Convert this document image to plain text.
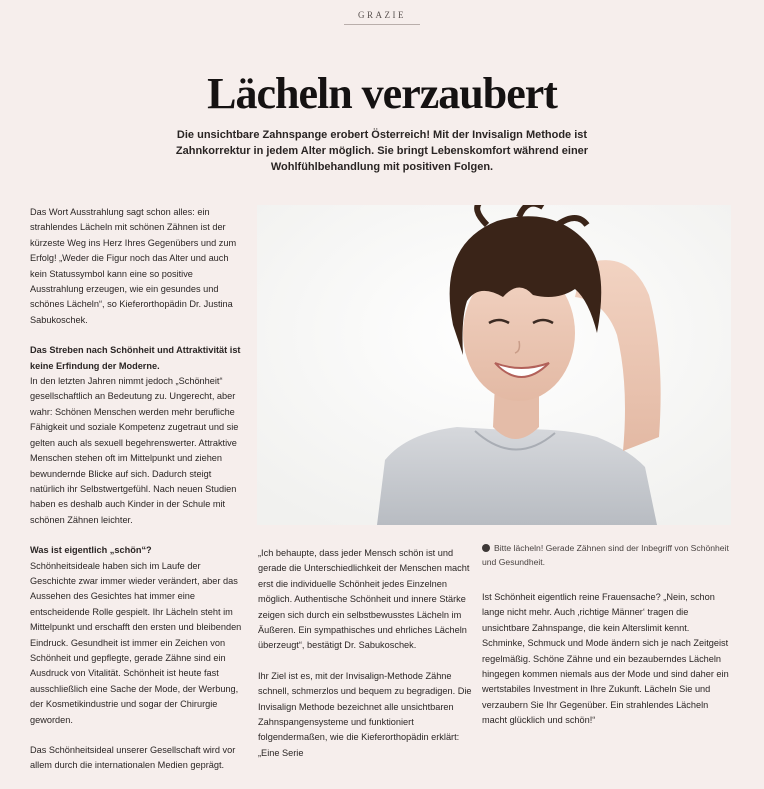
GRAZIE
Lächeln verzaubert

Die unsichtbare Zahnspange erobert Österreich! Mit der Invisalign Methode ist Zahnkorrektur in jedem Alter möglich. Sie bringt Lebenskomfort während einer Wohlfühlbehandlung mit positiven Folgen.

Das Wort Ausstrahlung sagt schon alles: ein strahlendes Lächeln mit schönen Zähnen ist der kürzeste Weg ins Herz Ihres Gegenübers und zum Erfolg! „Weder die Figur noch das Alter und auch kein Statussymbol kann eine so positive Ausstrahlung erzeugen, wie ein gesundes und schönes Lächeln“, so Kieferorthopädin Dr. Justina Sabukoschek.

Das Streben nach Schönheit und Attraktivität ist keine Erfindung der Moderne.
In den letzten Jahren nimmt jedoch „Schönheit“ gesellschaftlich an Bedeutung zu. Ungerecht, aber wahr: Schönen Menschen werden mehr berufliche Fähigkeit und soziale Kompetenz zugetraut und sie gelten auch als sexuell begehrenswerter. Attraktive Menschen stehen oft im Mittelpunkt und ziehen bewundernde Blicke auf sich. Dadurch steigt natürlich ihr Selbstwertgefühl. Nach neuen Studien haben es deshalb auch Kinder in der Schule mit schönen Zähnen leichter.

Was ist eigentlich „schön“?
Schönheitsideale haben sich im Laufe der Geschichte zwar immer wieder verändert, aber das Aussehen des Gesichtes hat immer eine entscheidende Rolle gespielt. Ihr Lächeln steht im Mittelpunkt und erschafft den ersten und bleibenden Eindruck. Gesundheit ist immer ein Zeichen von Schönheit und gepflegte, gerade Zähne sind ein Ausdruck von Vitalität. Schönheit ist heute fast ausschließlich eine Sache der Mode, der Werbung, der Kosmetikindustrie und sogar der Chirurgie geworden.

Das Schönheitsideal unserer Gesellschaft wird vor allem durch die internationalen Medien geprägt.

Bitte lächeln! Gerade Zähnen sind der Inbegriff von Schönheit und Gesundheit.

„Ich behaupte, dass jeder Mensch schön ist und gerade die Unterschiedlichkeit der Menschen macht erst die individuelle Schönheit jedes Einzelnen möglich. Authentische Schönheit und innere Stärke zeigen sich durch ein selbstbewusstes Lächeln im Äußeren. Ein sympathisches und ehrliches Lächeln überzeugt“, bestätigt Dr. Sabukoschek.

Ihr Ziel ist es, mit der Invisalign-Methode Zähne schnell, schmerzlos und bequem zu begradigen. Die Invisalign Methode bezeichnet alle unsichtbaren Zahnspangensysteme und funktioniert folgendermaßen, wie die Kieferorthopädin erklärt: „Eine Serie

Ist Schönheit eigentlich reine Frauensache? „Nein, schon lange nicht mehr. Auch ‚richtige Männer‘ tragen die unsichtbare Zahnspange, die kein Alterslimit kennt. Schminke, Schmuck und Mode ändern sich je nach Zeitgeist regelmäßig. Schöne Zähne und ein bezauberndes Lächeln hingegen kommen niemals aus der Mode und sind daher ein wertstabiles Investment in Ihre Zukunft. Lächeln Sie und verzaubern Sie Ihr Gegenüber. Ein strahlendes Lächeln macht glücklich und schön!“
